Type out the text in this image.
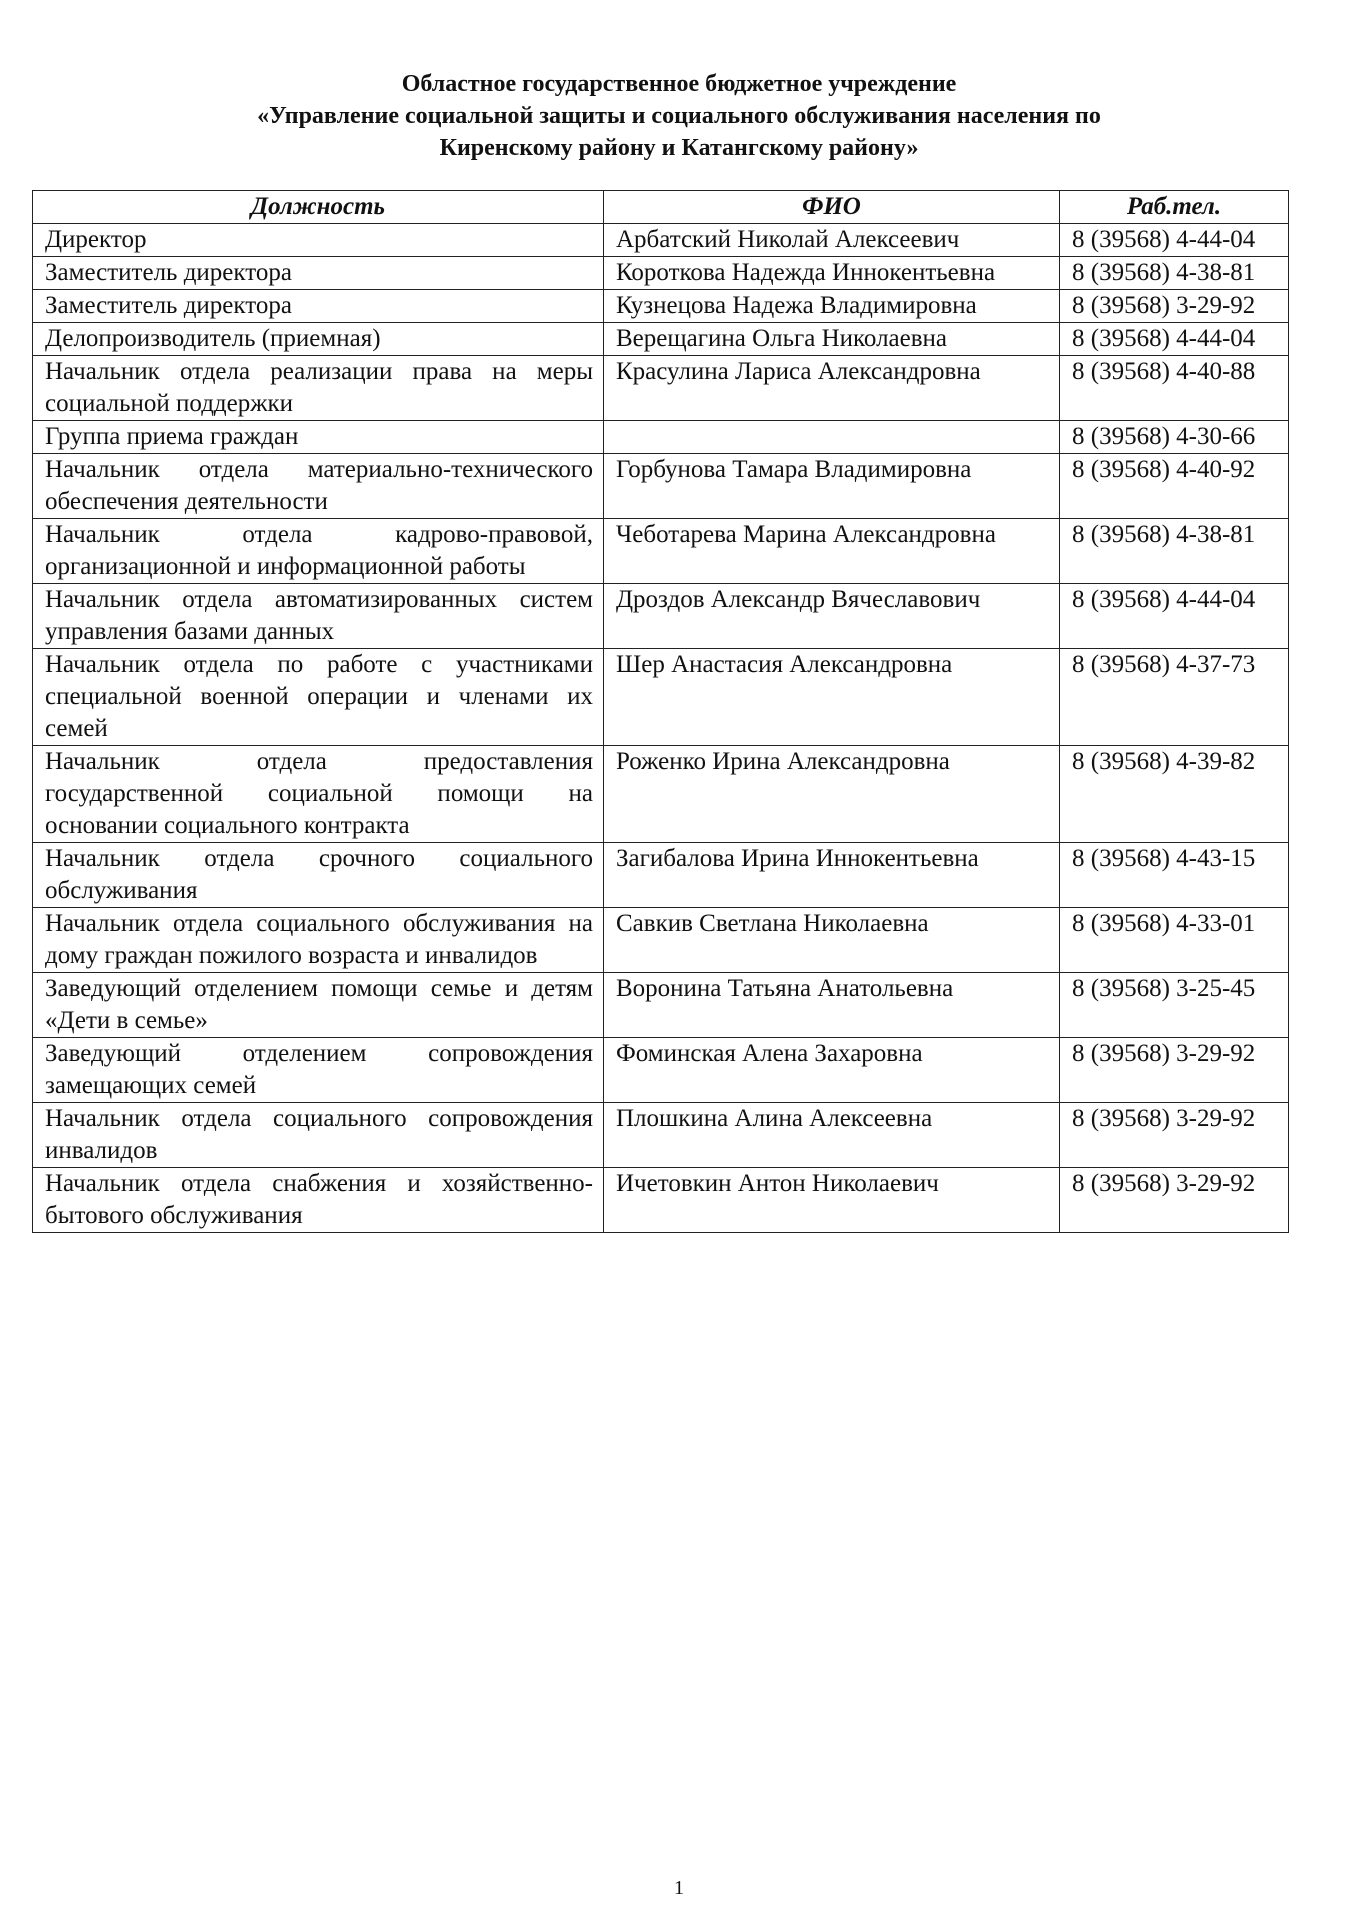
Областное государственное бюджетное учреждение
«Управление социальной защиты и социального обслуживания населения по
Киренскому району и Катангскому району»
Должность	ФИО	Раб.тел.
Директор	Арбатский Николай Алексеевич	8 (39568) 4-44-04
Заместитель директора	Короткова Надежда Иннокентьевна	8 (39568) 4-38-81
Заместитель директора	Кузнецова Надежа Владимировна	8 (39568) 3-29-92
Делопроизводитель (приемная)	Верещагина Ольга Николаевна	8 (39568) 4-44-04
Начальник отдела реализации права на меры социальной поддержки	Красулина Лариса Александровна	8 (39568) 4-40-88
Группа приема граждан		8 (39568) 4-30-66
Начальник отдела материально-технического обеспечения деятельности	Горбунова Тамара Владимировна	8 (39568) 4-40-92
Начальник отдела кадрово-правовой, организационной и информационной работы	Чеботарева Марина Александровна	8 (39568) 4-38-81
Начальник отдела автоматизированных систем управления базами данных	Дроздов Александр Вячеславович	8 (39568) 4-44-04
Начальник отдела по работе с участниками специальной военной операции и членами их семей	Шер Анастасия Александровна	8 (39568) 4-37-73
Начальник отдела предоставления государственной социальной помощи на основании социального контракта	Роженко Ирина Александровна	8 (39568) 4-39-82
Начальник отдела срочного социального обслуживания	Загибалова Ирина Иннокентьевна	8 (39568) 4-43-15
Начальник отдела социального обслуживания на дому граждан пожилого возраста и инвалидов	Савкив Светлана Николаевна	8 (39568) 4-33-01
Заведующий отделением помощи семье и детям «Дети в семье»	Воронина Татьяна Анатольевна	8 (39568) 3-25-45
Заведующий отделением сопровождения замещающих семей	Фоминская Алена Захаровна	8 (39568) 3-29-92
Начальник отдела социального сопровождения инвалидов	Плошкина Алина Алексеевна	8 (39568) 3-29-92
Начальник отдела снабжения и хозяйственно-бытового обслуживания	Ичетовкин Антон Николаевич	8 (39568) 3-29-92
1
